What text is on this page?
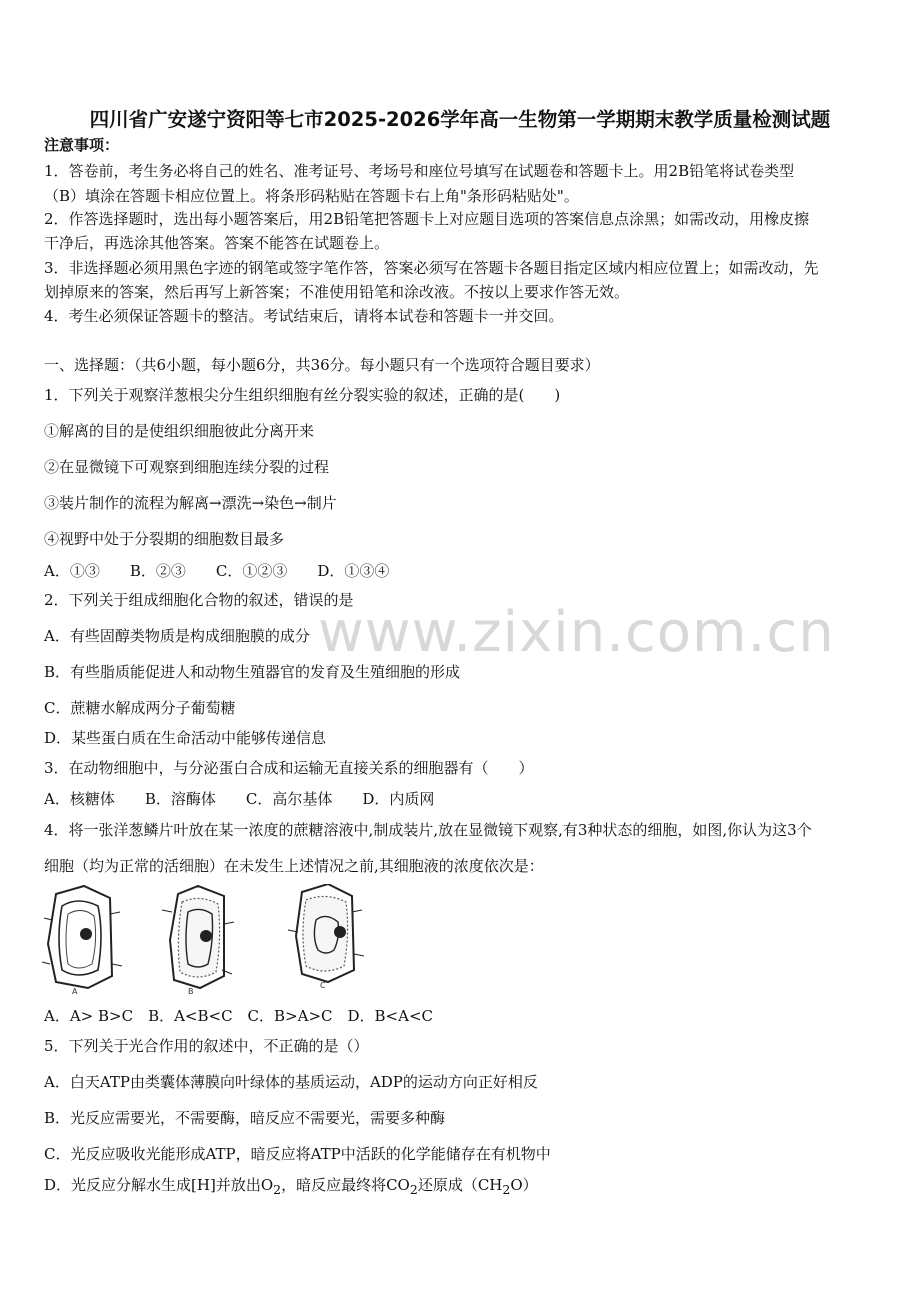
四川省广安遂宁资阳等七市2025-2026学年高一生物第一学期期末教学质量检测试题
注意事项：
1．答卷前，考生务必将自己的姓名、准考证号、考场号和座位号填写在试题卷和答题卡上。用2B铅笔将试卷类型
（B）填涂在答题卡相应位置上。将条形码粘贴在答题卡右上角"条形码粘贴处"。
2．作答选择题时，选出每小题答案后，用2B铅笔把答题卡上对应题目选项的答案信息点涂黑；如需改动，用橡皮擦
干净后，再选涂其他答案。答案不能答在试题卷上。
3．非选择题必须用黑色字迹的钢笔或签字笔作答，答案必须写在答题卡各题目指定区域内相应位置上；如需改动，先
划掉原来的答案，然后再写上新答案；不准使用铅笔和涂改液。不按以上要求作答无效。
4．考生必须保证答题卡的整洁。考试结束后，请将本试卷和答题卡一并交回。
一、选择题：（共6小题，每小题6分，共36分。每小题只有一个选项符合题目要求）
1．下列关于观察洋葱根尖分生组织细胞有丝分裂实验的叙述，正确的是(　　)
①解离的目的是使组织细胞彼此分离开来
②在显微镜下可观察到细胞连续分裂的过程
③装片制作的流程为解离→漂洗→染色→制片
④视野中处于分裂期的细胞数目最多
A．①③　　B．②③　　C．①②③　　D．①③④
2．下列关于组成细胞化合物的叙述，错误的是
A．有些固醇类物质是构成细胞膜的成分
B．有些脂质能促进人和动物生殖器官的发育及生殖细胞的形成
C．蔗糖水解成两分子葡萄糖
D．某些蛋白质在生命活动中能够传递信息
3．在动物细胞中，与分泌蛋白合成和运输无直接关系的细胞器有（　　）
A．核糖体　　B．溶酶体　　C．高尔基体　　D．内质网
4．将一张洋葱鳞片叶放在某一浓度的蔗糖溶液中,制成装片,放在显微镜下观察,有3种状态的细胞，如图,你认为这3个
细胞（均为正常的活细胞）在未发生上述情况之前,其细胞液的浓度依次是：
A	B
C
A．A> B>C　B．A<B<C　C．B>A>C　D．B<A<C
5．下列关于光合作用的叙述中，不正确的是（）
A．白天ATP由类囊体薄膜向叶绿体的基质运动，ADP的运动方向正好相反
B．光反应需要光，不需要酶，暗反应不需要光，需要多种酶
C．光反应吸收光能形成ATP，暗反应将ATP中活跃的化学能储存在有机物中
D．光反应分解水生成[H]并放出$O_2$，暗反应最终将$CO_2$还原成$(CH_2O)$
www.zixin.com.cn
